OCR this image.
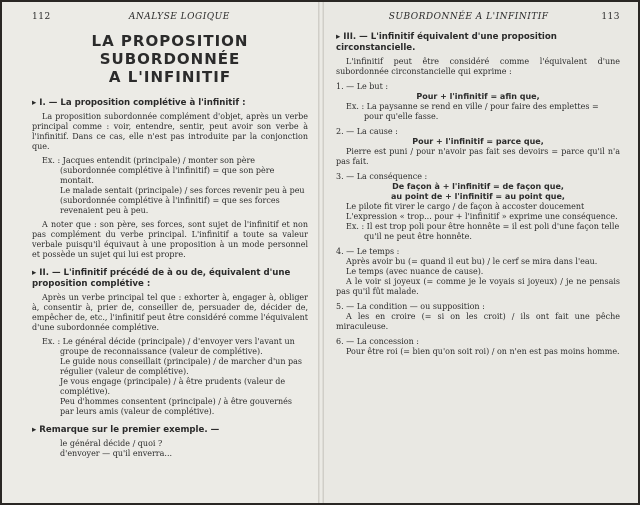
112	ANALYSE LOGIQUE
LA PROPOSITION SUBORDONNÉE
A L'INFINITIF
▸ I. — La proposition complétive à l'infinitif :

La proposition subordonnée complément d'objet, après un verbe principal comme : voir, entendre, sentir, peut avoir son verbe à l'infinitif. Dans ce cas, elle n'est pas introduite par la conjonction que.

Ex. : Jacques entendit (principale) / monter son père (subordonnée complétive à l'infinitif) = que son père montait.
Le malade sentait (principale) / ses forces revenir peu à peu (subordonnée complétive à l'infinitif) = que ses forces revenaient peu à peu.

A noter que : son père, ses forces, sont sujet de l'infinitif et non pas complément du verbe principal. L'infinitif a toute sa valeur verbale puisqu'il équivaut à une proposition à un mode personnel et possède un sujet qui lui est propre.

▸ II. — L'infinitif précédé de à ou de, équivalent d'une proposition complétive :

Après un verbe principal tel que : exhorter à, engager à, obliger à, consentir à, prier de, conseiller de, persuader de, décider de, empêcher de, etc., l'infinitif peut être considéré comme l'équivalent d'une subordonnée complétive.

Ex. : Le général décide (principale) / d'envoyer vers l'avant un groupe de reconnaissance (valeur de complétive).
Le guide nous conseillait (principale) / de marcher d'un pas régulier (valeur de complétive).
Je vous engage (principale) / à être prudents (valeur de complétive).
Peu d'hommes consentent (principale) / à être gouvernés par leurs amis (valeur de complétive).
▸ Remarque sur le premier exemple. —

le général décide / quoi ?

d'envoyer — qu'il enverra...

SUBORDONNÉE A L'INFINITIF	113
▸ III. — L'infinitif équivalent d'une proposition circonstancielle.

L'infinitif peut être considéré comme l'équivalent d'une subordonnée circonstancielle qui exprime :

1. — Le but :
Pour + l'infinitif = afin que,
Ex. : La paysanne se rend en ville / pour faire des emplettes = pour qu'elle fasse.
2. — La cause :
Pour + l'infinitif = parce que,

Pierre est puni / pour n'avoir pas fait ses devoirs = parce qu'il n'a pas fait.

3. — La conséquence :
De façon à + l'infinitif = de façon que,
au point de + l'infinitif = au point que,

Le pilote fit virer le cargo / de façon à accoster doucement

L'expression « trop... pour + l'infinitif » exprime une conséquence.

Ex. : Il est trop poli pour être honnête = il est poli d'une façon telle qu'il ne peut être honnête.
4. — Le temps :

Après avoir bu (= quand il eut bu) / le cerf se mira dans l'eau.

Le temps (avec nuance de cause).

A le voir si joyeux (= comme je le voyais si joyeux) / je ne pensais pas qu'il fût malade.

5. — La condition — ou supposition :

A les en croire (= si on les croit) / ils ont fait une pêche miraculeuse.

6. — La concession :

Pour être roi (= bien qu'on soit roi) / on n'en est pas moins homme.
